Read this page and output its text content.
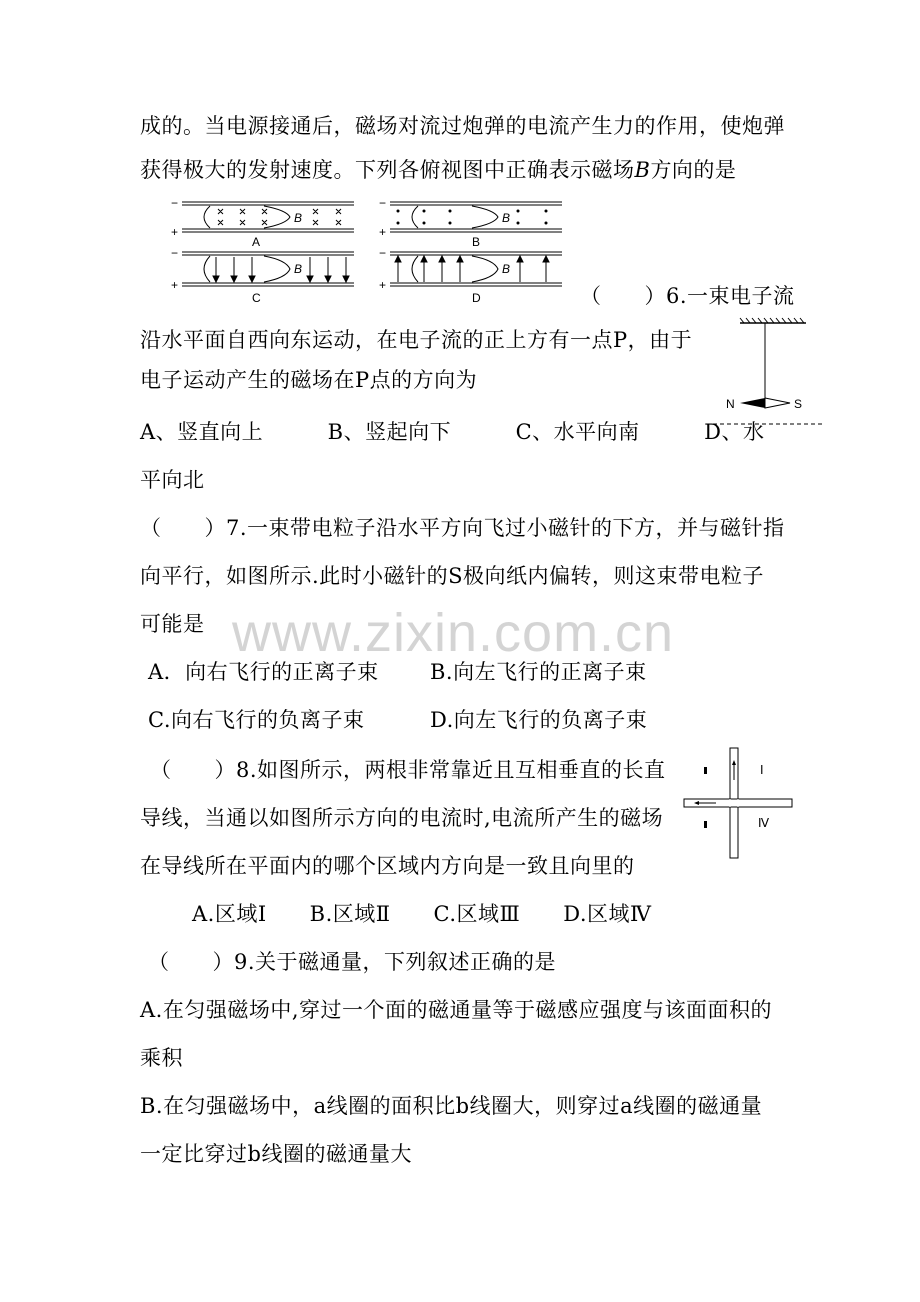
www.zixin.com.cn
成的。当电源接通后，磁场对流过炮弹的电流产生力的作用，使炮弹
获得极大的发射速度。下列各俯视图中正确表示磁场B方向的是
−
+
−
+
−
+
−
+
A	B
C	D
B	B
B	B
（　　）6.一束电子流
沿水平面自西向东运动，在电子流的正上方有一点P，由于
电子运动产生的磁场在P点的方向为
A、竖直向上　　　B、竖起向下　　　C、水平向南　　　D、水
平向北
N	S
（　　）7.一束带电粒子沿水平方向飞过小磁针的下方，并与磁针指
向平行，如图所示.此时小磁针的S极向纸内偏转，则这束带电粒子
可能是
A．向右飞行的正离子束 B.向左飞行的正离子束
C.向右飞行的负离子束	D.向左飞行的负离子束
Ⅰ
Ⅳ
（　　）8.如图所示，两根非常靠近且互相垂直的长直
导线，当通以如图所示方向的电流时,电流所产生的磁场
在导线所在平面内的哪个区域内方向是一致且向里的
A.区域Ⅰ　　B.区域Ⅱ　　C.区域Ⅲ　　D.区域Ⅳ
（　　）9.关于磁通量，下列叙述正确的是
A.在匀强磁场中,穿过一个面的磁通量等于磁感应强度与该面面积的
乘积
B.在匀强磁场中，a线圈的面积比b线圈大，则穿过a线圈的磁通量
一定比穿过b线圈的磁通量大
